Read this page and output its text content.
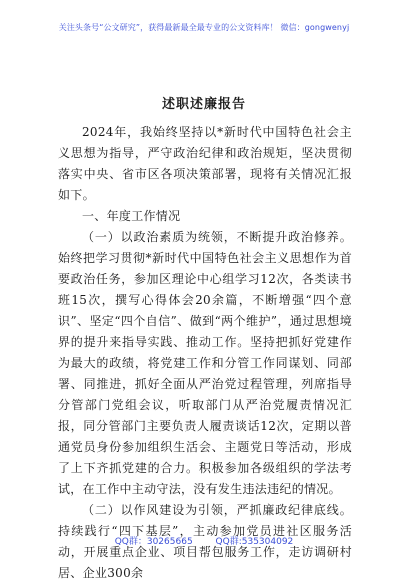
关注头条号“公文研究”，获得最新最全最专业的公文资料库！ 微信：gongwenyj
述职述廉报告

2024年，我始终坚持以*新时代中国特色社会主义思想为指导，严守政治纪律和政治规矩，坚决贯彻落实中央、省市区各项决策部署，现将有关情况汇报如下。

一、年度工作情况

（一）以政治素质为统领，不断提升政治修养。始终把学习贯彻*新时代中国特色社会主义思想作为首要政治任务，参加区理论中心组学习12次，各类读书班15次，撰写心得体会20余篇，不断增强“四个意识”、坚定“四个自信”、做到“两个维护”，通过思想境界的提升来指导实践、推动工作。坚持把抓好党建作为最大的政绩，将党建工作和分管工作同谋划、同部署、同推进，抓好全面从严治党过程管理，列席指导分管部门党组会议，听取部门从严治党履责情况汇报，同分管部门主要负责人履责谈话12次，定期以普通党员身份参加组织生活会、主题党日等活动，形成了上下齐抓党建的合力。积极参加各级组织的学法考试，在工作中主动守法，没有发生违法违纪的情况。

（二）以作风建设为引领，严抓廉政纪律底线。持续践行“四下基层”，主动参加党员进社区服务活动，开展重点企业、项目帮包服务工作，走访调研村居、企业300余

QQ群：30265665	QQ群:535304092
